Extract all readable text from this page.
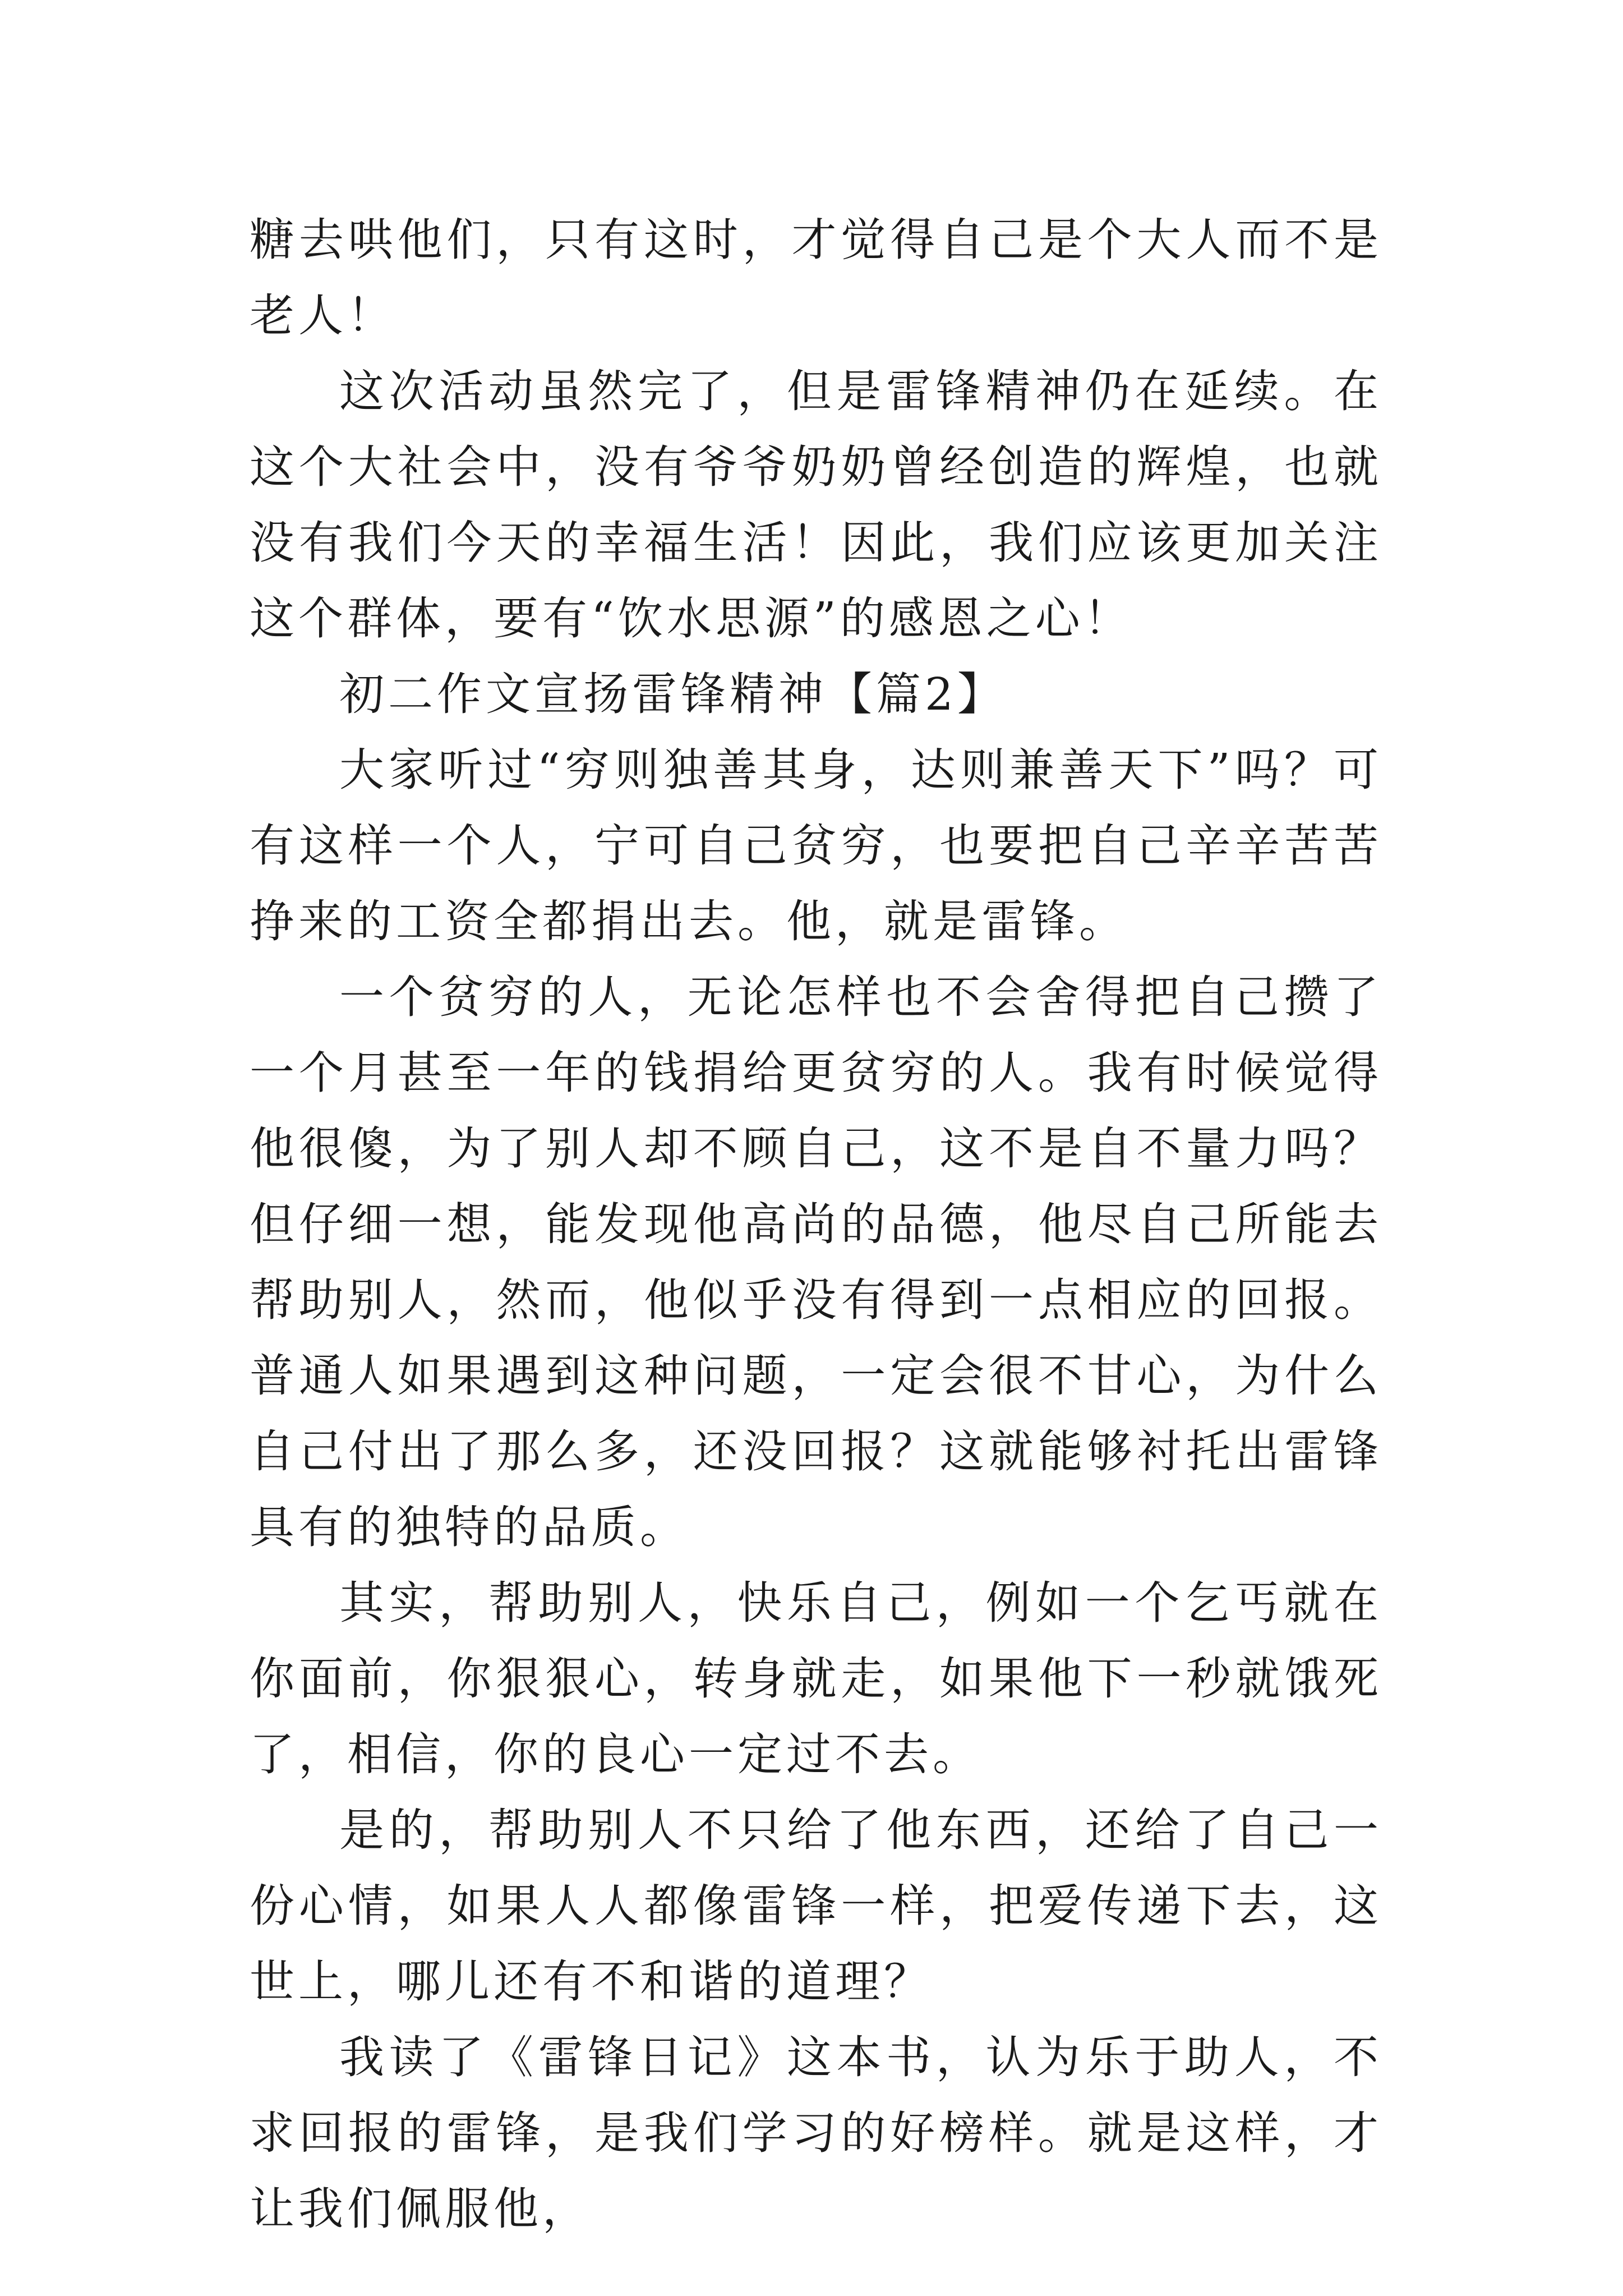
糖去哄他们，只有这时，才觉得自己是个大人而不是老人！

这次活动虽然完了，但是雷锋精神仍在延续。在这个大社会中，没有爷爷奶奶曾经创造的辉煌，也就没有我们今天的幸福生活！因此，我们应该更加关注这个群体，要有“饮水思源”的感恩之心！

初二作文宣扬雷锋精神【篇2】

大家听过“穷则独善其身，达则兼善天下”吗？可有这样一个人，宁可自己贫穷，也要把自己辛辛苦苦挣来的工资全都捐出去。他，就是雷锋。

一个贫穷的人，无论怎样也不会舍得把自己攒了一个月甚至一年的钱捐给更贫穷的人。我有时候觉得他很傻，为了别人却不顾自己，这不是自不量力吗？但仔细一想，能发现他高尚的品德，他尽自己所能去帮助别人，然而，他似乎没有得到一点相应的回报。普通人如果遇到这种问题，一定会很不甘心，为什么自己付出了那么多，还没回报？这就能够衬托出雷锋具有的独特的品质。

其实，帮助别人，快乐自己，例如一个乞丐就在你面前，你狠狠心，转身就走，如果他下一秒就饿死了，相信，你的良心一定过不去。

是的，帮助别人不只给了他东西，还给了自己一份心情，如果人人都像雷锋一样，把爱传递下去，这世上，哪儿还有不和谐的道理？

我读了《雷锋日记》这本书，认为乐于助人，不求回报的雷锋，是我们学习的好榜样。就是这样，才让我们佩服他，
